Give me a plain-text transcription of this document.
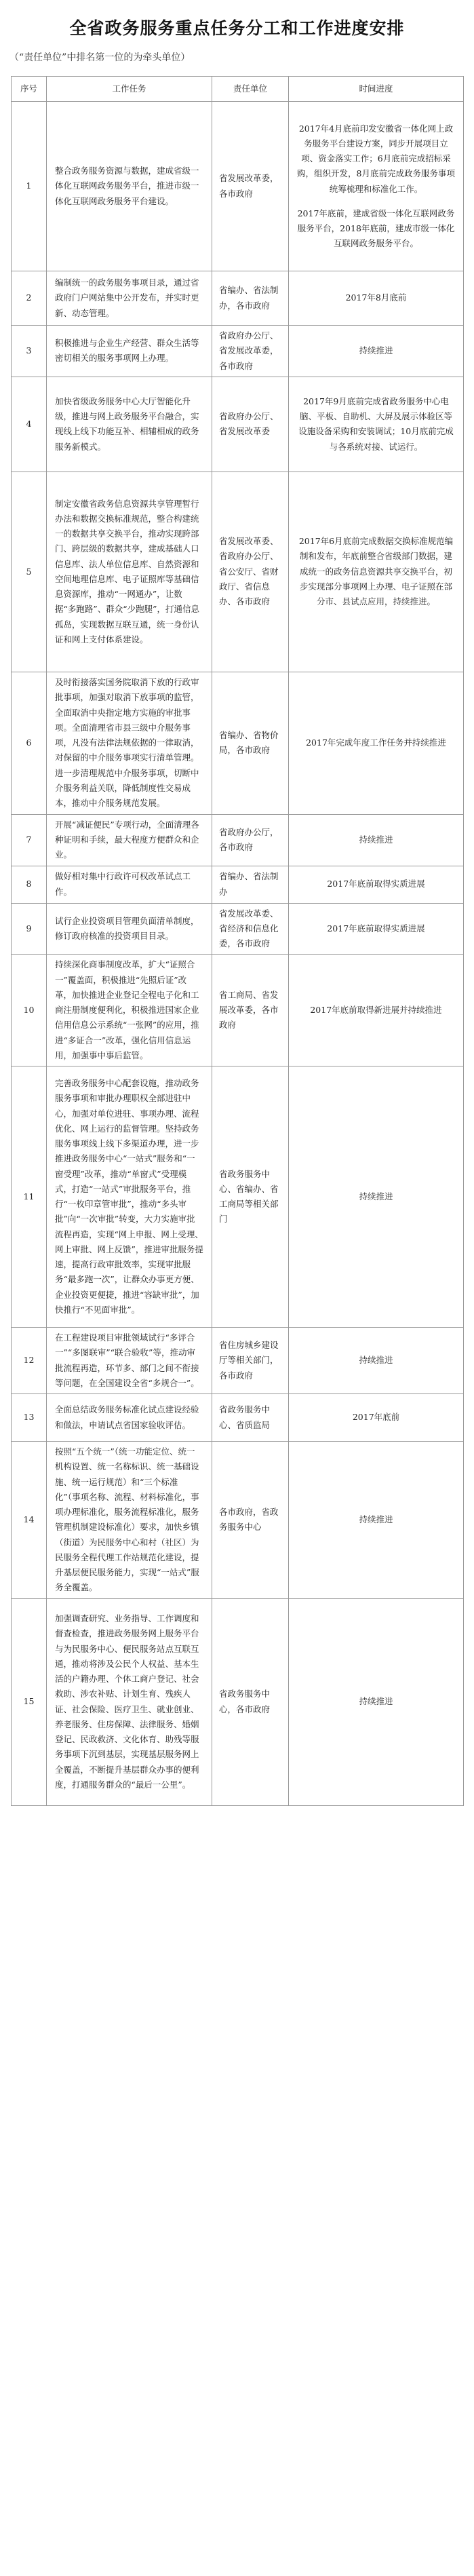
全省政务服务重点任务分工和工作进度安排
（“责任单位”中排名第一位的为牵头单位）
序号	工作任务	责任单位	时间进度
1	整合政务服务资源与数据，建成省级一体化互联网政务服务平台，推进市级一体化互联网政务服务平台建设。	省发展改革委，各市政府	2017年4月底前印发安徽省一体化网上政务服务平台建设方案，同步开展项目立项、资金落实工作；6月底前完成招标采购，组织开发，8月底前完成政务服务事项统筹梳理和标准化工作。

2017年底前，建成省级一体化互联网政务服务平台，2018年底前，建成市级一体化互联网政务服务平台。

2	编制统一的政务服务事项目录，通过省政府门户网站集中公开发布，并实时更新、动态管理。	省编办、省法制办，各市政府	2017年8月底前

3	积极推进与企业生产经营、群众生活等密切相关的服务事项网上办理。	省政府办公厅、省发展改革委，各市政府	持续推进

4	加快省级政务服务中心大厅智能化升级，推进与网上政务服务平台融合，实现线上线下功能互补、相辅相成的政务服务新模式。	省政府办公厅、省发展改革委	2017年9月底前完成省政务服务中心电脑、平板、自助机、大屏及展示体验区等设施设备采购和安装调试；10月底前完成与各系统对接、试运行。

5	制定安徽省政务信息资源共享管理暂行办法和数据交换标准规范，整合构建统一的数据共享交换平台，推动实现跨部门、跨层级的数据共享，建成基础人口信息库、法人单位信息库、自然资源和空间地理信息库、电子证照库等基础信息资源库，推动“一网通办”，让数据“多跑路”、群众“少跑腿”，打通信息孤岛，实现数据互联互通，统一身份认证和网上支付体系建设。	省发展改革委、省政府办公厅、省公安厅、省财政厅、省信息办、各市政府	2017年6月底前完成数据交换标准规范编制和发布，年底前整合省级部门数据，建成统一的政务信息资源共享交换平台，初步实现部分事项网上办理、电子证照在部分市、县试点应用，持续推进。

6	及时衔接落实国务院取消下放的行政审批事项，加强对取消下放事项的监管，全面取消中央指定地方实施的审批事项。全面清理省市县三级中介服务事项，凡没有法律法规依据的一律取消，对保留的中介服务事项实行清单管理。进一步清理规范中介服务事项，切断中介服务利益关联，降低制度性交易成本，推动中介服务规范发展。	省编办、省物价局，各市政府	2017年完成年度工作任务并持续推进

7	开展“减证便民”专项行动，全面清理各种证明和手续，最大程度方便群众和企业。	省政府办公厅，各市政府	持续推进

8	做好相对集中行政许可权改革试点工作。	省编办、省法制办	2017年底前取得实质进展

9	试行企业投资项目管理负面清单制度，修订政府核准的投资项目目录。	省发展改革委、省经济和信息化委，各市政府	2017年底前取得实质进展

10	持续深化商事制度改革，扩大“证照合一”覆盖面，积极推进“先照后证”改革，加快推进企业登记全程电子化和工商注册制度便利化，积极推进国家企业信用信息公示系统“一张网”的应用，推进“多证合一”改革，强化信用信息运用，加强事中事后监管。	省工商局、省发展改革委，各市政府	2017年底前取得新进展并持续推进

11	完善政务服务中心配套设施，推动政务服务事项和审批办理职权全部进驻中心，加强对单位进驻、事项办理、流程优化、网上运行的监督管理。坚持政务服务事项线上线下多渠道办理，进一步推进政务服务中心“一站式”服务和“一窗受理”改革，推动“单窗式”受理模式，打造“一站式”审批服务平台，推行“一枚印章管审批”，推动“多头审批”向“一次审批”转变，大力实施审批流程再造，实现“网上申报、网上受理、网上审批、网上反馈”，推进审批服务提速，提高行政审批效率，实现审批服务“最多跑一次”，让群众办事更方便、企业投资更便捷，推进“容缺审批”，加快推行“不见面审批”。	省政务服务中心、省编办、省工商局等相关部门	持续推进

12	在工程建设项目审批领域试行“多评合一”“多图联审”“联合验收”等，推动审批流程再造，环节多、部门之间不衔接等问题，在全国建设全省“多规合一”。	省住房城乡建设厅等相关部门，各市政府	持续推进

13	全面总结政务服务标准化试点建设经验和做法，申请试点省国家验收评估。	省政务服务中心、省质监局	2017年底前

14	按照“五个统一”（统一功能定位、统一机构设置、统一名称标识、统一基础设施、统一运行规范）和“三个标准化”（事项名称、流程、材料标准化，事项办理标准化，服务流程标准化，服务管理机制建设标准化）要求，加快乡镇（街道）为民服务中心和村（社区）为民服务全程代理工作站规范化建设，提升基层便民服务能力，实现“一站式”服务全覆盖。	各市政府，省政务服务中心	持续推进

15	加强调查研究、业务指导、工作调度和督查检查，推进政务服务网上服务平台与为民服务中心、便民服务站点互联互通，推动将涉及公民个人权益、基本生活的户籍办理、个体工商户登记、社会救助、涉农补贴、计划生育、残疾人证、社会保险、医疗卫生、就业创业、养老服务、住房保障、法律服务、婚姻登记、民政救济、文化体育、助残等服务事项下沉到基层，实现基层服务网上全覆盖，不断提升基层群众办事的便利度，打通服务群众的“最后一公里”。	省政务服务中心，各市政府	持续推进
